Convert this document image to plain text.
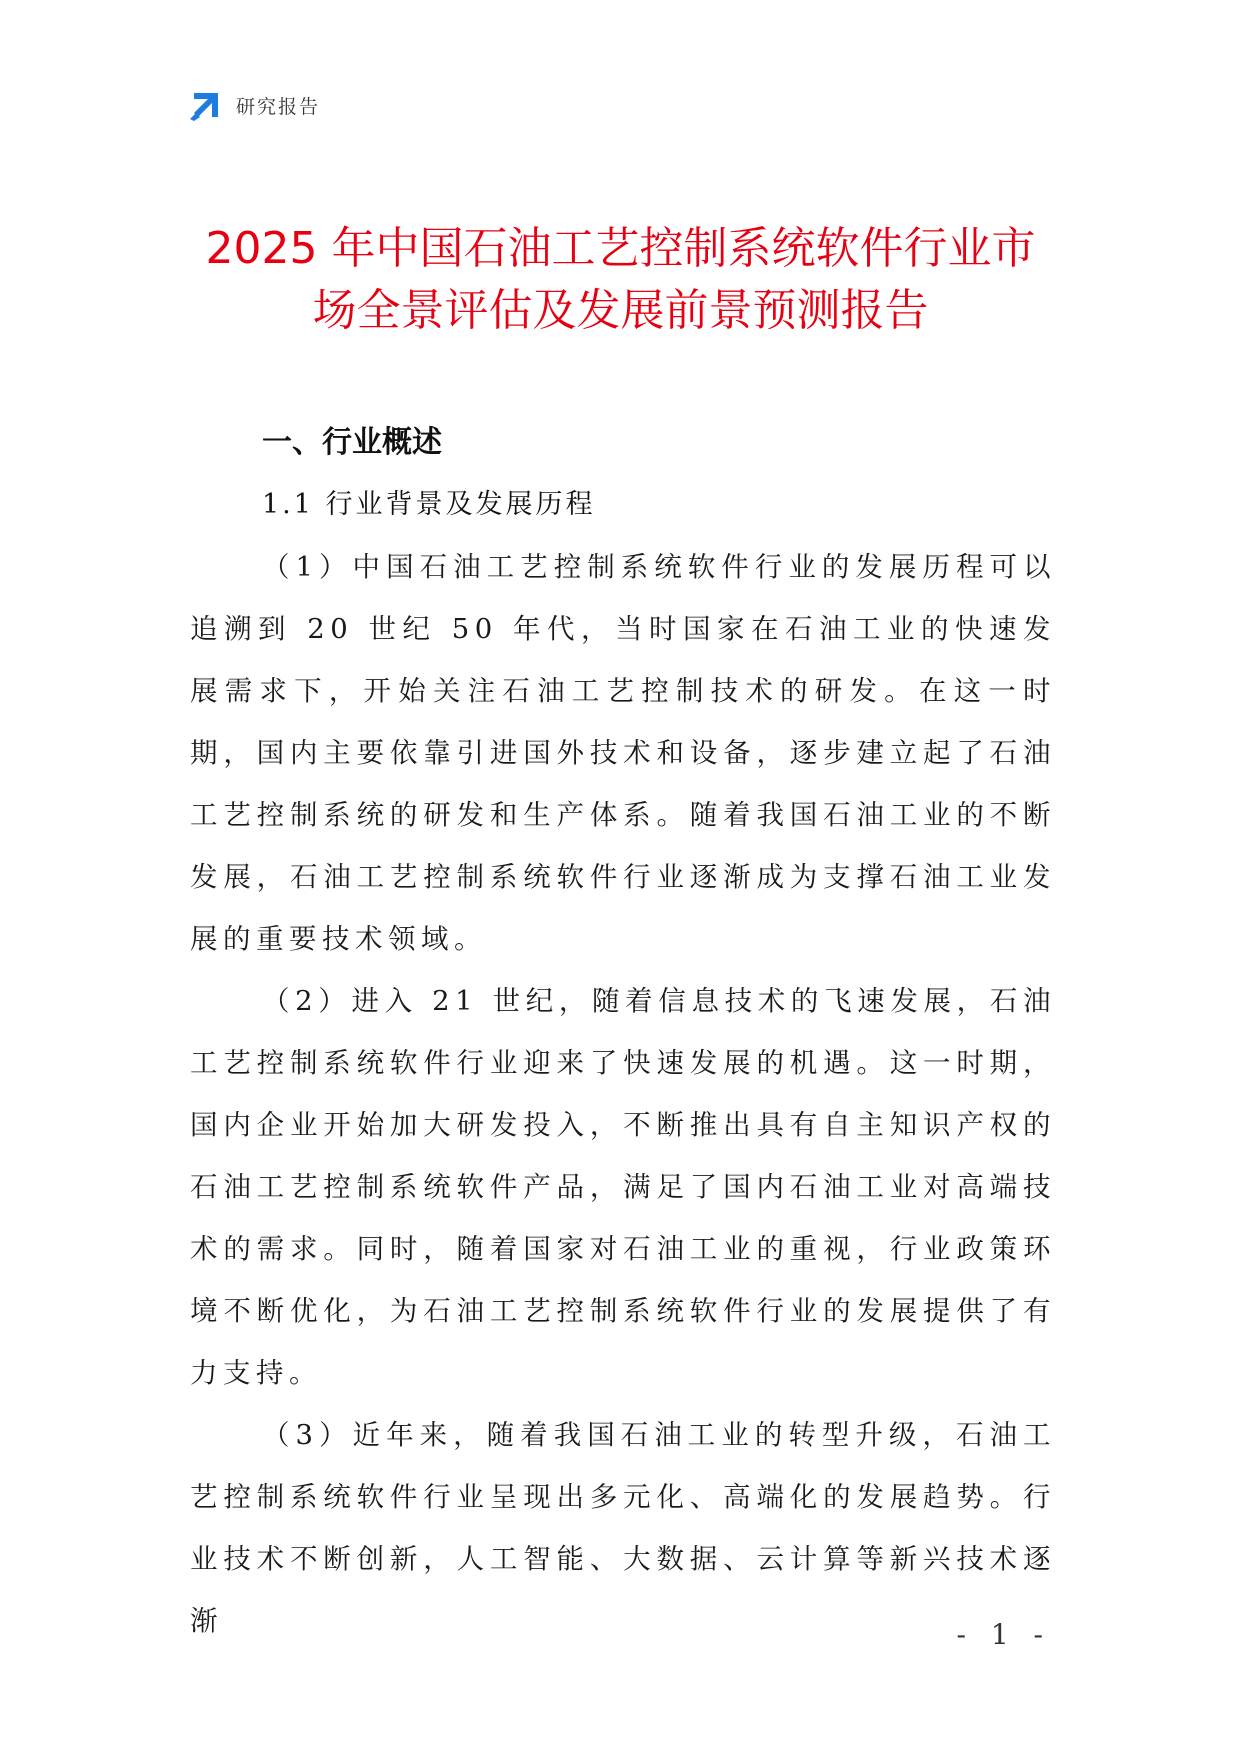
研究报告
2025 年中国石油工艺控制系统软件行业市
场全景评估及发展前景预测报告
一、行业概述
1.1 行业背景及发展历程

（1）中国石油工艺控制系统软件行业的发展历程可以追溯到 20 世纪 50 年代，当时国家在石油工业的快速发展需求下，开始关注石油工艺控制技术的研发。在这一时期，国内主要依靠引进国外技术和设备，逐步建立起了石油工艺控制系统的研发和生产体系。随着我国石油工业的不断发展，石油工艺控制系统软件行业逐渐成为支撑石油工业发展的重要技术领域。

（2）进入 21 世纪，随着信息技术的飞速发展，石油工艺控制系统软件行业迎来了快速发展的机遇。这一时期，国内企业开始加大研发投入，不断推出具有自主知识产权的石油工艺控制系统软件产品，满足了国内石油工业对高端技术的需求。同时，随着国家对石油工业的重视，行业政策环境不断优化，为石油工艺控制系统软件行业的发展提供了有力支持。

（3）近年来，随着我国石油工业的转型升级，石油工艺控制系统软件行业呈现出多元化、高端化的发展趋势。行业技术不断创新，人工智能、大数据、云计算等新兴技术逐渐	- 1 -
